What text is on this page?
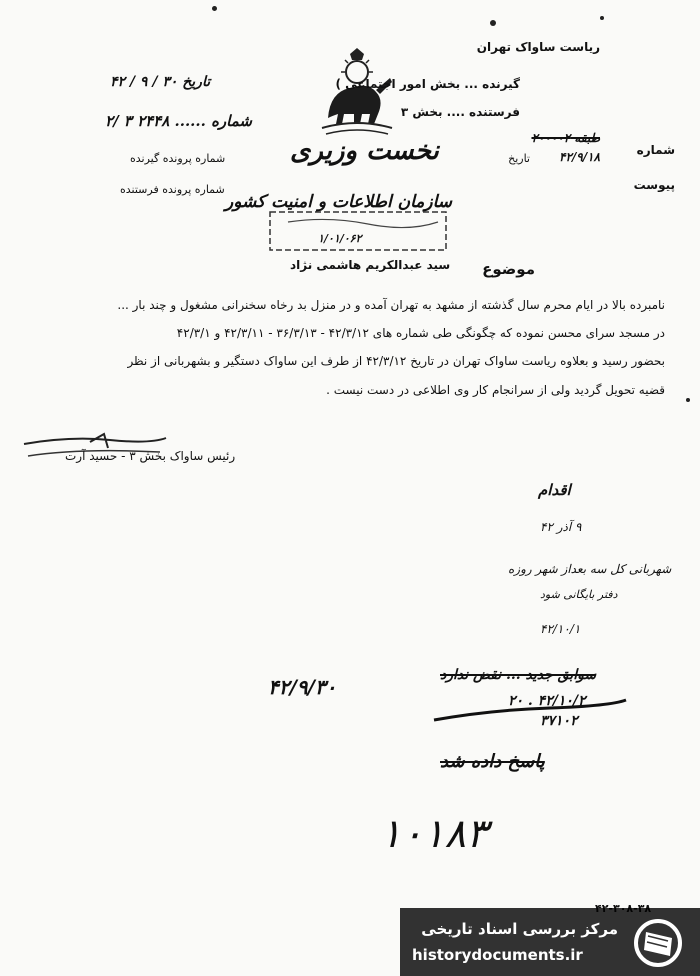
ریاست ساواک تهران
گیرنده ... بخش امور اجتماعی )
فرستنده .... بخش ۳
شماره
طبقه ۲۰۰۰۰۲
تاریخ ۴۲/۹/۱۸
پیوست
تاریخ ۳۰ / ۹ / ۴۲
شماره ...... ۲۴۴۸ ۳ /۲
شماره پرونده گیرنده
شماره پرونده فرستنده
نخست وزیری
سازمان اطلاعات و امنیت کشور
۱/۰۱/۰۶۲
موضوع
سید عبدالکریم هاشمی نژاد
نامبرده بالا در ایام محرم سال گذشته از مشهد به تهران آمده و در منزل بد رخاه سخنرانی مشغول و چند بار ...
در مسجد سرای محسن نموده که چگونگی طی شماره های ۴۲/۳/۱۲ - ۳۶/۳/۱۳ - ۴۲/۳/۱۱ و ۴۲/۳/۱
بحضور رسید و بعلاوه ریاست ساواک تهران در تاریخ ۴۲/۳/۱۲ از طرف این ساواک دستگیر و بشهربانی از نظر
قضیه تحویل گردید ولی از سرانجام کار وی اطلاعی در دست نیست .
رئیس ساواک بخش ۳ - حسید آرت
اقدام
۹ آذر ۴۲
شهربانی کل سه بعداز شهر روزه
دفتر بایگانی شود
۴۲/۱۰/۱
۴۲/۹/۳۰	سوابق جدید ... نقض ندارد
۴۲/۱۰/۲ . ۲۰
۳۷۱۰۲
پاسخ داده شد
۱۰۱۸۳
مرکز بررسی اسناد تاریخی
historydocuments.ir
